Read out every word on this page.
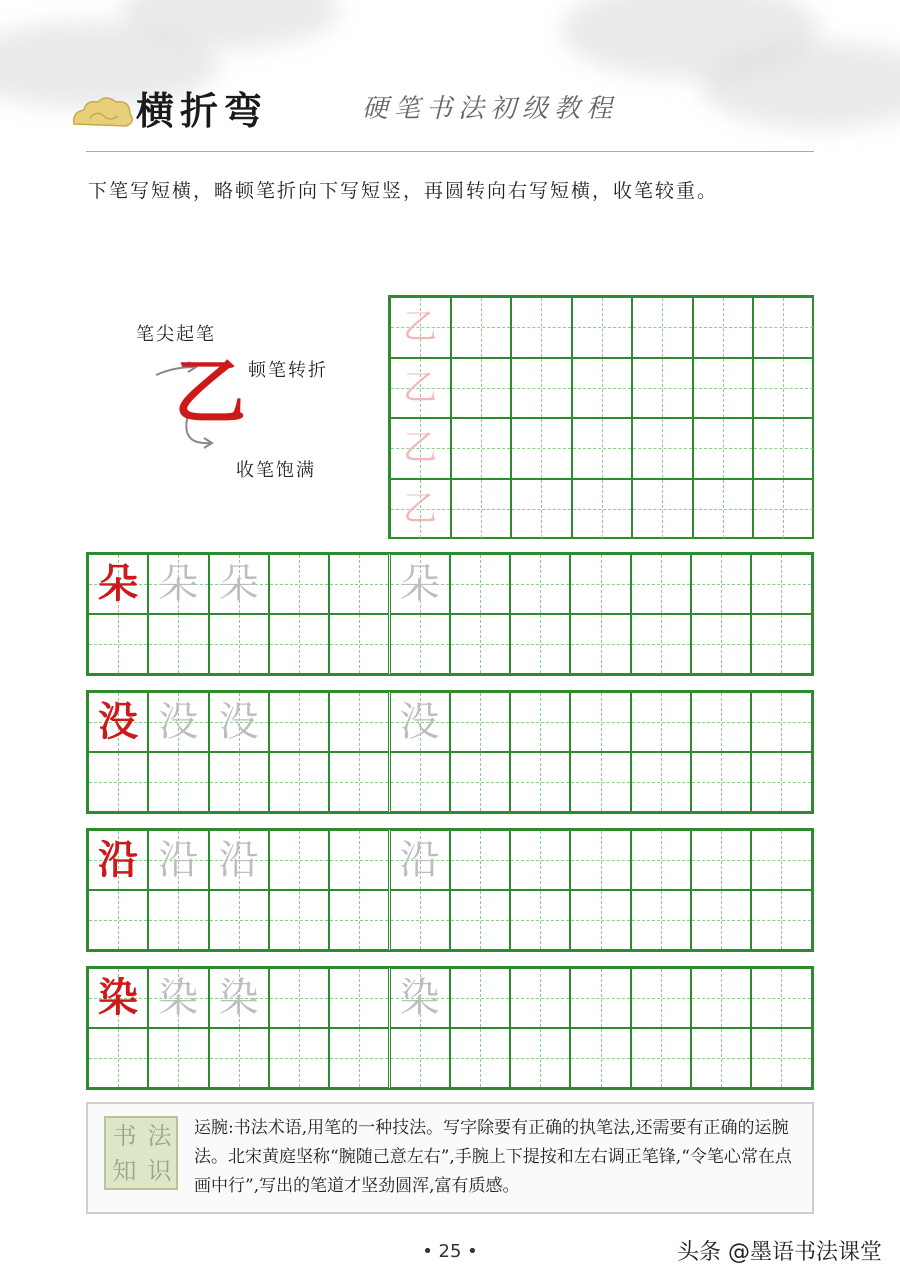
横折弯	硬笔书法初级教程
下笔写短横，略顿笔折向下写短竖，再圆转向右写短横，收笔较重。
笔尖起笔
顿笔转折
收笔饱满
乙
乙
乙
乙
乙
朵 朵 朵	朵
没 没 没	没
沿 沿 沿	沿
染 染 染	染
书 法
知 识
运腕:书法术语,用笔的一种技法。写字除要有正确的执笔法,还需要有正确的运腕法。北宋黄庭坚称“腕随己意左右”,手腕上下提按和左右调正笔锋,“令笔心常在点画中行”,写出的笔道才坚劲圆浑,富有质感。
• 25 •	头条 @墨语书法课堂
